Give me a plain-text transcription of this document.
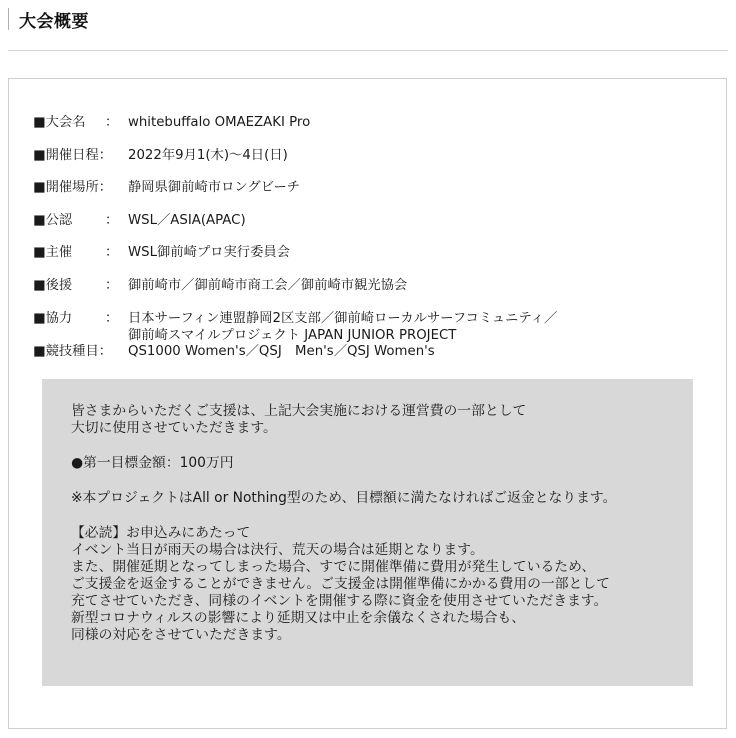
大会概要
■大会名 ： whitebuffalo OMAEZAKI Pro
■開催日程： 2022年9月1(木)〜4日(日)
■開催場所： 静岡県御前崎市ロングビーチ
■公認 ： WSL／ASIA(APAC)
■主催 ： WSL御前崎プロ実行委員会
■後援 ： 御前崎市／御前崎市商工会／御前崎市観光協会
■協力 ： 日本サーフィン連盟静岡2区支部／御前崎ローカルサーフコミュニティ／
御前崎スマイルプロジェクト JAPAN JUNIOR PROJECT
■競技種目： QS1000 Women's／QSJ　Men's／QSJ Women's

皆さまからいただくご支援は、上記大会実施における運営費の一部として

大切に使用させていただきます。

●第一目標金額：100万円

※本プロジェクトはAll or Nothing型のため、目標額に満たなければご返金となります。

【必読】お申込みにあたって

イベント当日が雨天の場合は決行、荒天の場合は延期となります。

また、開催延期となってしまった場合、すでに開催準備に費用が発生しているため、

ご支援金を返金することができません。ご支援金は開催準備にかかる費用の一部として

充てさせていただき、同様のイベントを開催する際に資金を使用させていただきます。

新型コロナウィルスの影響により延期又は中止を余儀なくされた場合も、

同様の対応をさせていただきます。
